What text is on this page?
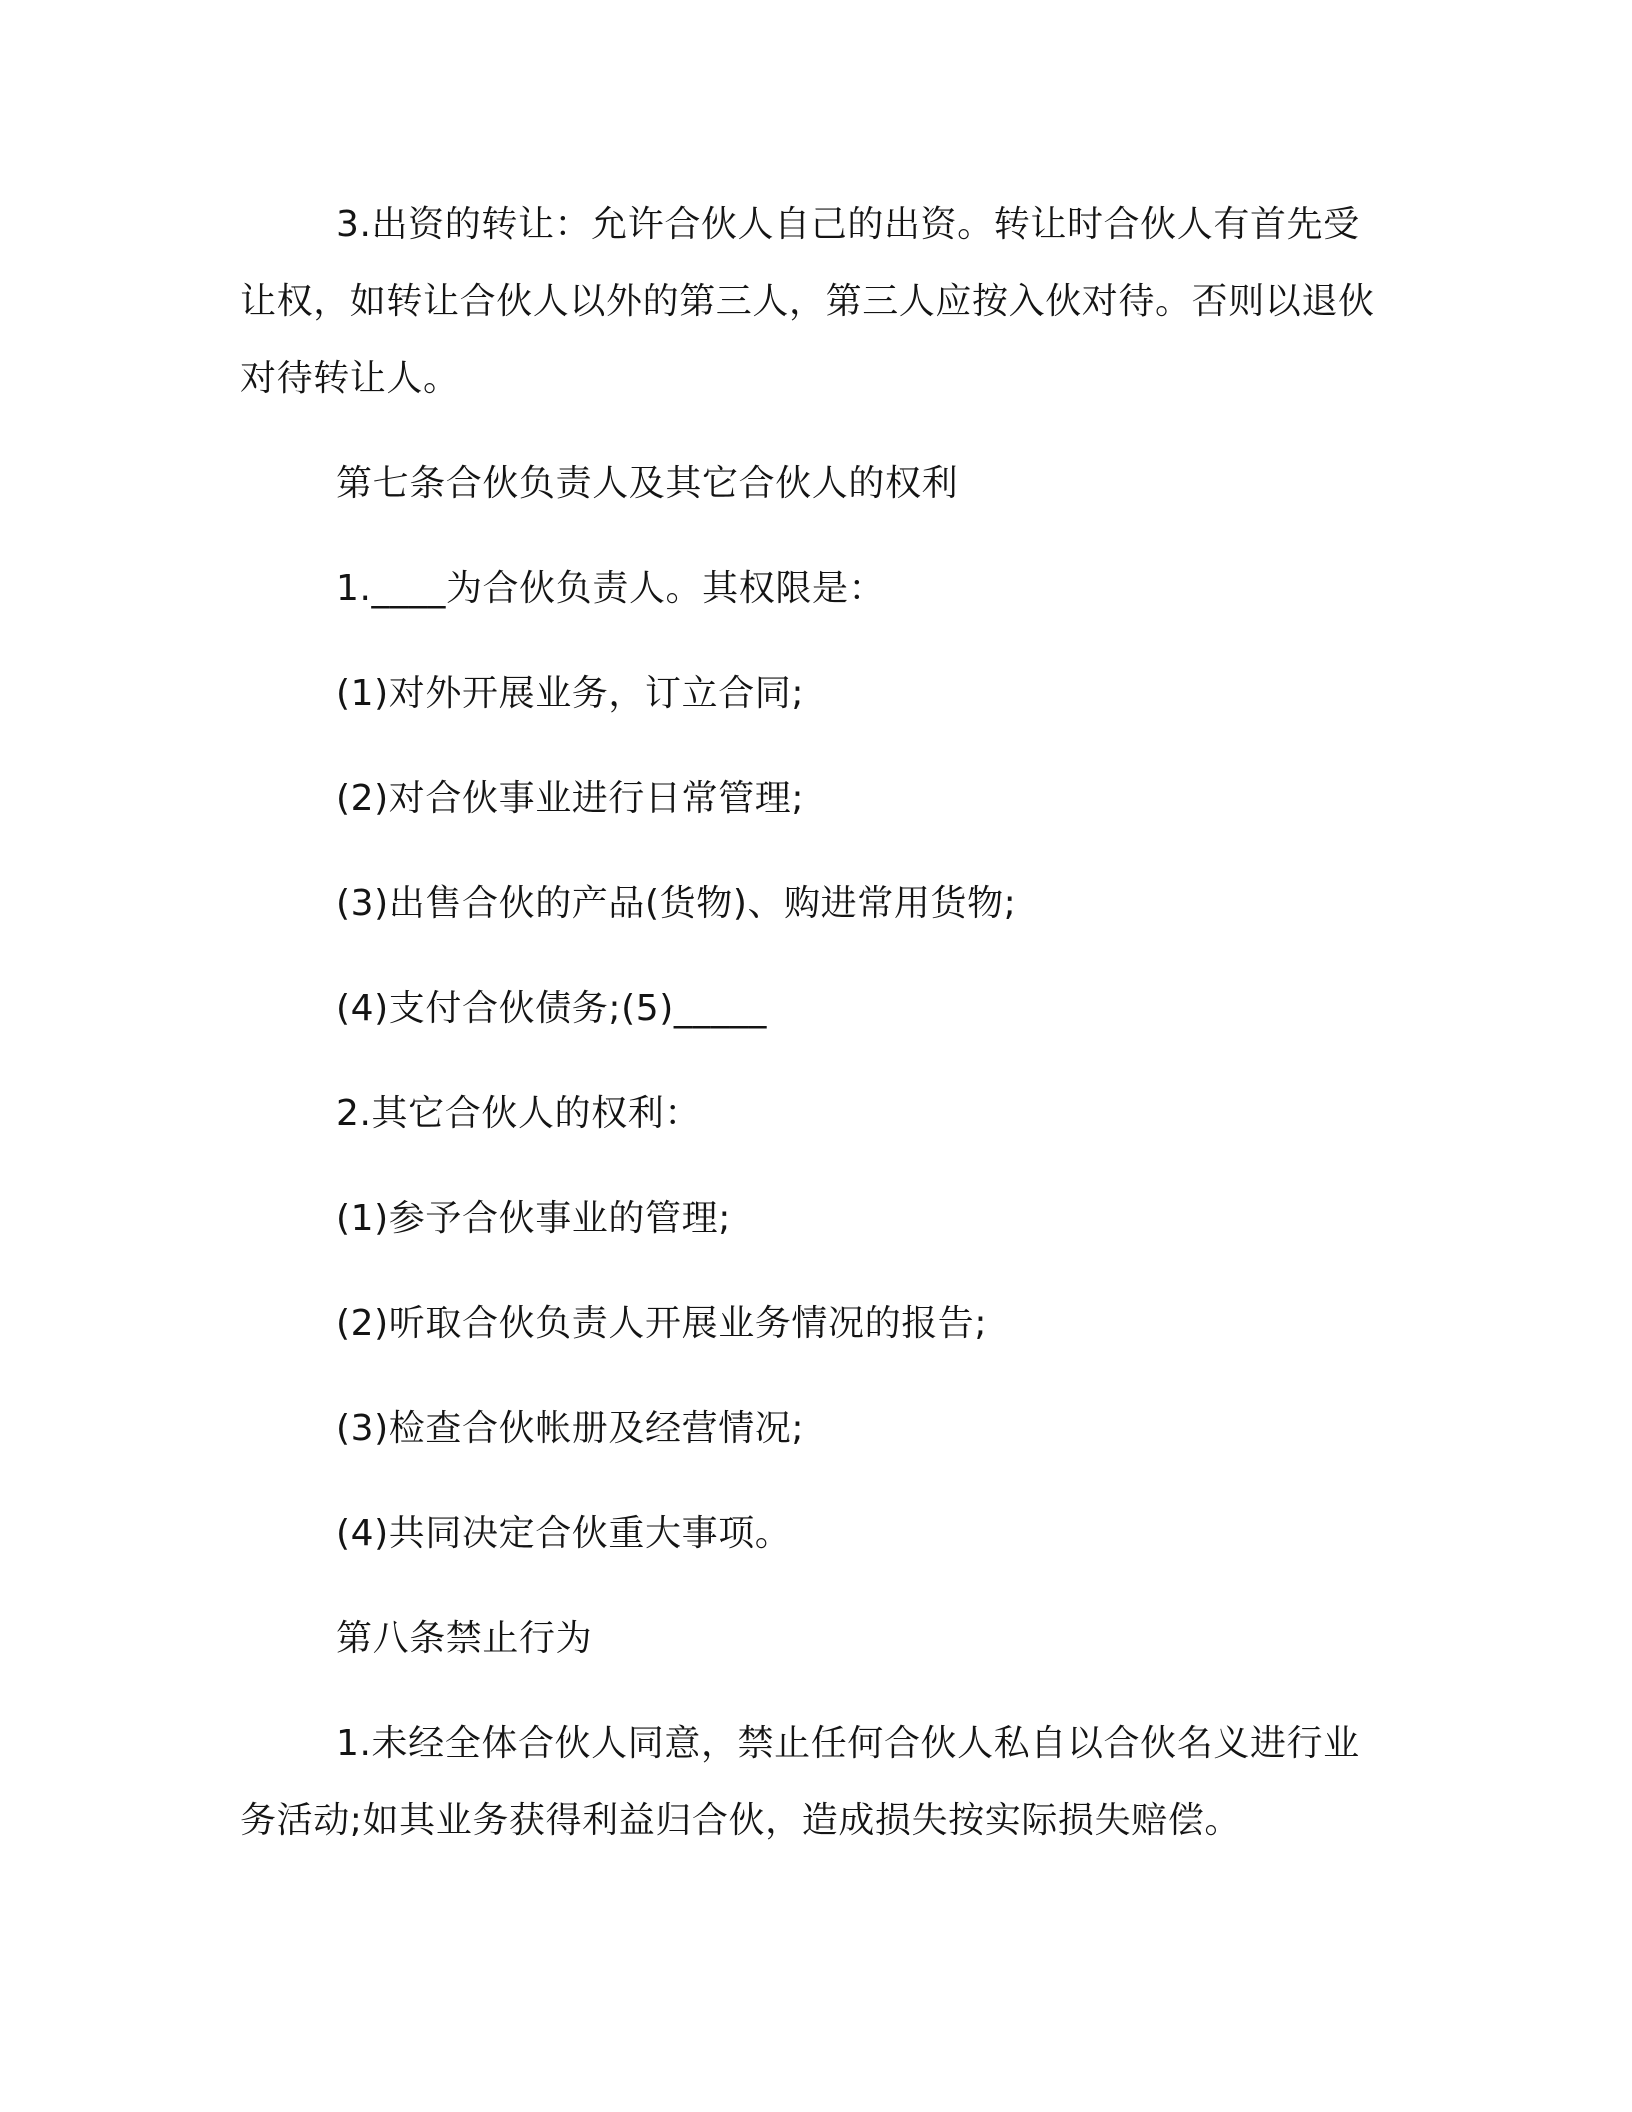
3.出资的转让：允许合伙人自己的出资。转让时合伙人有首先受让权，如转让合伙人以外的第三人，第三人应按入伙对待。否则以退伙对待转让人。

第七条合伙负责人及其它合伙人的权利

1.____为合伙负责人。其权限是：

(1)对外开展业务，订立合同;

(2)对合伙事业进行日常管理;

(3)出售合伙的产品(货物)、购进常用货物;

(4)支付合伙债务;(5)_____

2.其它合伙人的权利：

(1)参予合伙事业的管理;

(2)听取合伙负责人开展业务情况的报告;

(3)检查合伙帐册及经营情况;

(4)共同决定合伙重大事项。

第八条禁止行为

1.未经全体合伙人同意，禁止任何合伙人私自以合伙名义进行业务活动;如其业务获得利益归合伙，造成损失按实际损失赔偿。
